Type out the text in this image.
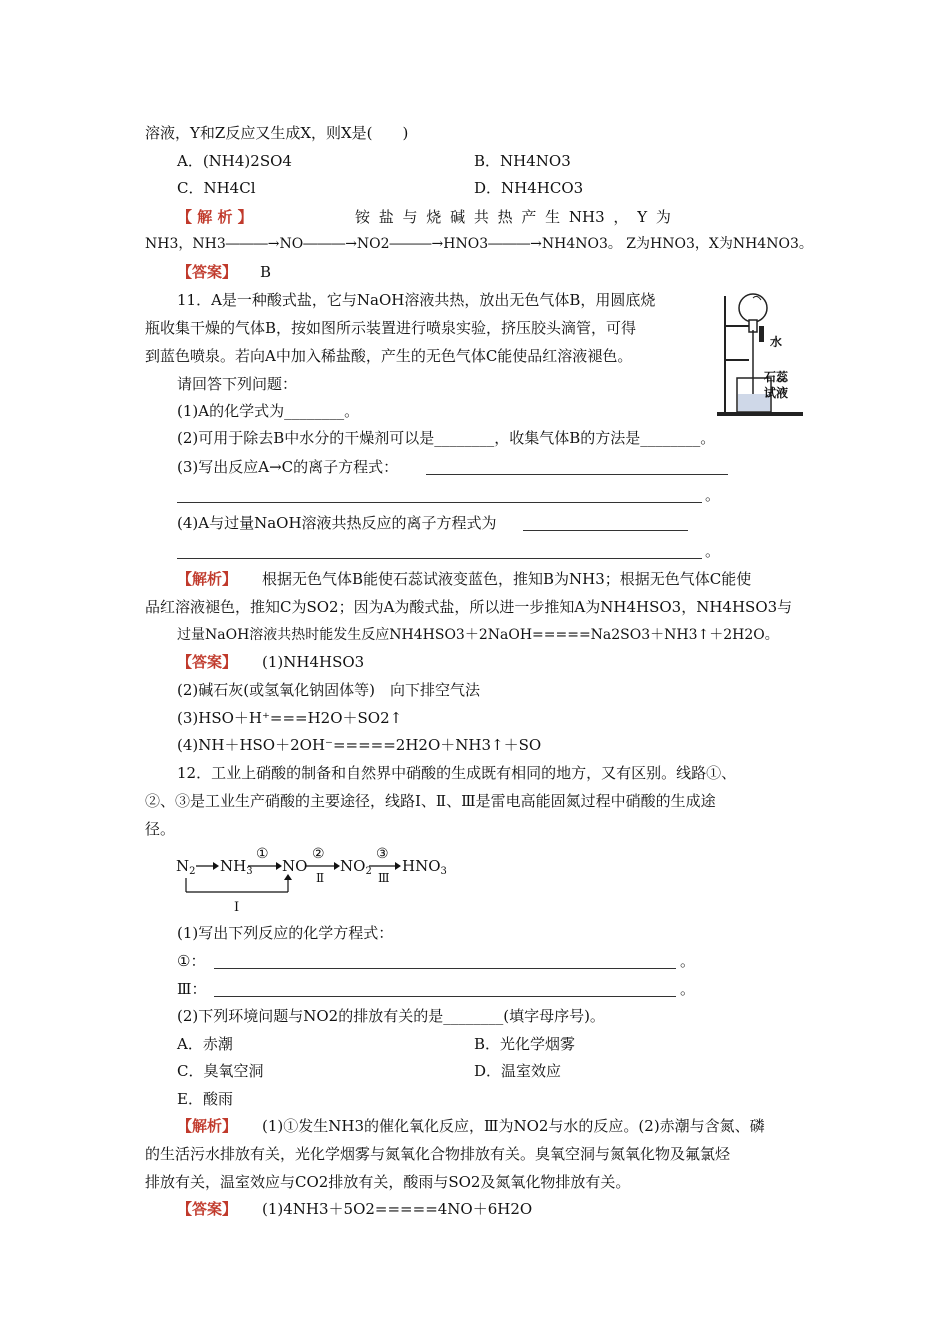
溶液，Y和Z反应又生成X，则X是(　　)
A．(NH4)2SO4	B．NH4NO3
C．NH4Cl	D．NH4HCO3
【 解 析 】	铵 盐 与 烧 碱 共 热 产 生 NH3 ， Y 为
NH3，NH3―――→NO―――→NO2―――→HNO3―――→NH4NO3。 Z为HNO3，X为NH4NO3。
【答案】 B
11．A是一种酸式盐，它与NaOH溶液共热，放出无色气体B，用圆底烧
瓶收集干燥的气体B，按如图所示装置进行喷泉实验，挤压胶头滴管，可得
到蓝色喷泉。若向A中加入稀盐酸，产生的无色气体C能使品红溶液褪色。
请回答下列问题：
(1)A的化学式为________。
(2)可用于除去B中水分的干燥剂可以是________，收集气体B的方法是________。
(3)写出反应A→C的离子方程式：
。
(4)A与过量NaOH溶液共热反应的离子方程式为
。
水
石蕊
试液
【解析】 根据无色气体B能使石蕊试液变蓝色，推知B为NH3；根据无色气体C能使
品红溶液褪色，推知C为SO2；因为A为酸式盐，所以进一步推知A为NH4HSO3，NH4HSO3与
过量NaOH溶液共热时能发生反应NH4HSO3＋2NaOH=====Na2SO3＋NH3↑＋2H2O。
【答案】 (1)NH4HSO3
(2)碱石灰(或氢氧化钠固体等)　向下排空气法
(3)HSO＋H⁺===H2O＋SO2↑
(4)NH＋HSO＋2OH⁻=====2H2O＋NH3↑＋SO
12．工业上硝酸的制备和自然界中硝酸的生成既有相同的地方，又有区别。线路①、
②、③是工业生产硝酸的主要途径，线路Ⅰ、Ⅱ、Ⅲ是雷电高能固氮过程中硝酸的生成途
径。
$N_2$ $NH_3$ NO $NO_2$ $HNO_3$
①	②	③
Ⅱ	Ⅲ
Ⅰ
(1)写出下列反应的化学方程式：
①：	。
Ⅲ：	。
(2)下列环境问题与NO2的排放有关的是________(填字母序号)。
A．赤潮	B．光化学烟雾
C．臭氧空洞	D．温室效应
E．酸雨
【解析】 (1)①发生NH3的催化氧化反应，Ⅲ为NO2与水的反应。(2)赤潮与含氮、磷
的生活污水排放有关，光化学烟雾与氮氧化合物排放有关。臭氧空洞与氮氧化物及氟氯烃
排放有关，温室效应与CO2排放有关，酸雨与SO2及氮氧化物排放有关。
【答案】 (1)4NH3＋5O2=====4NO＋6H2O
